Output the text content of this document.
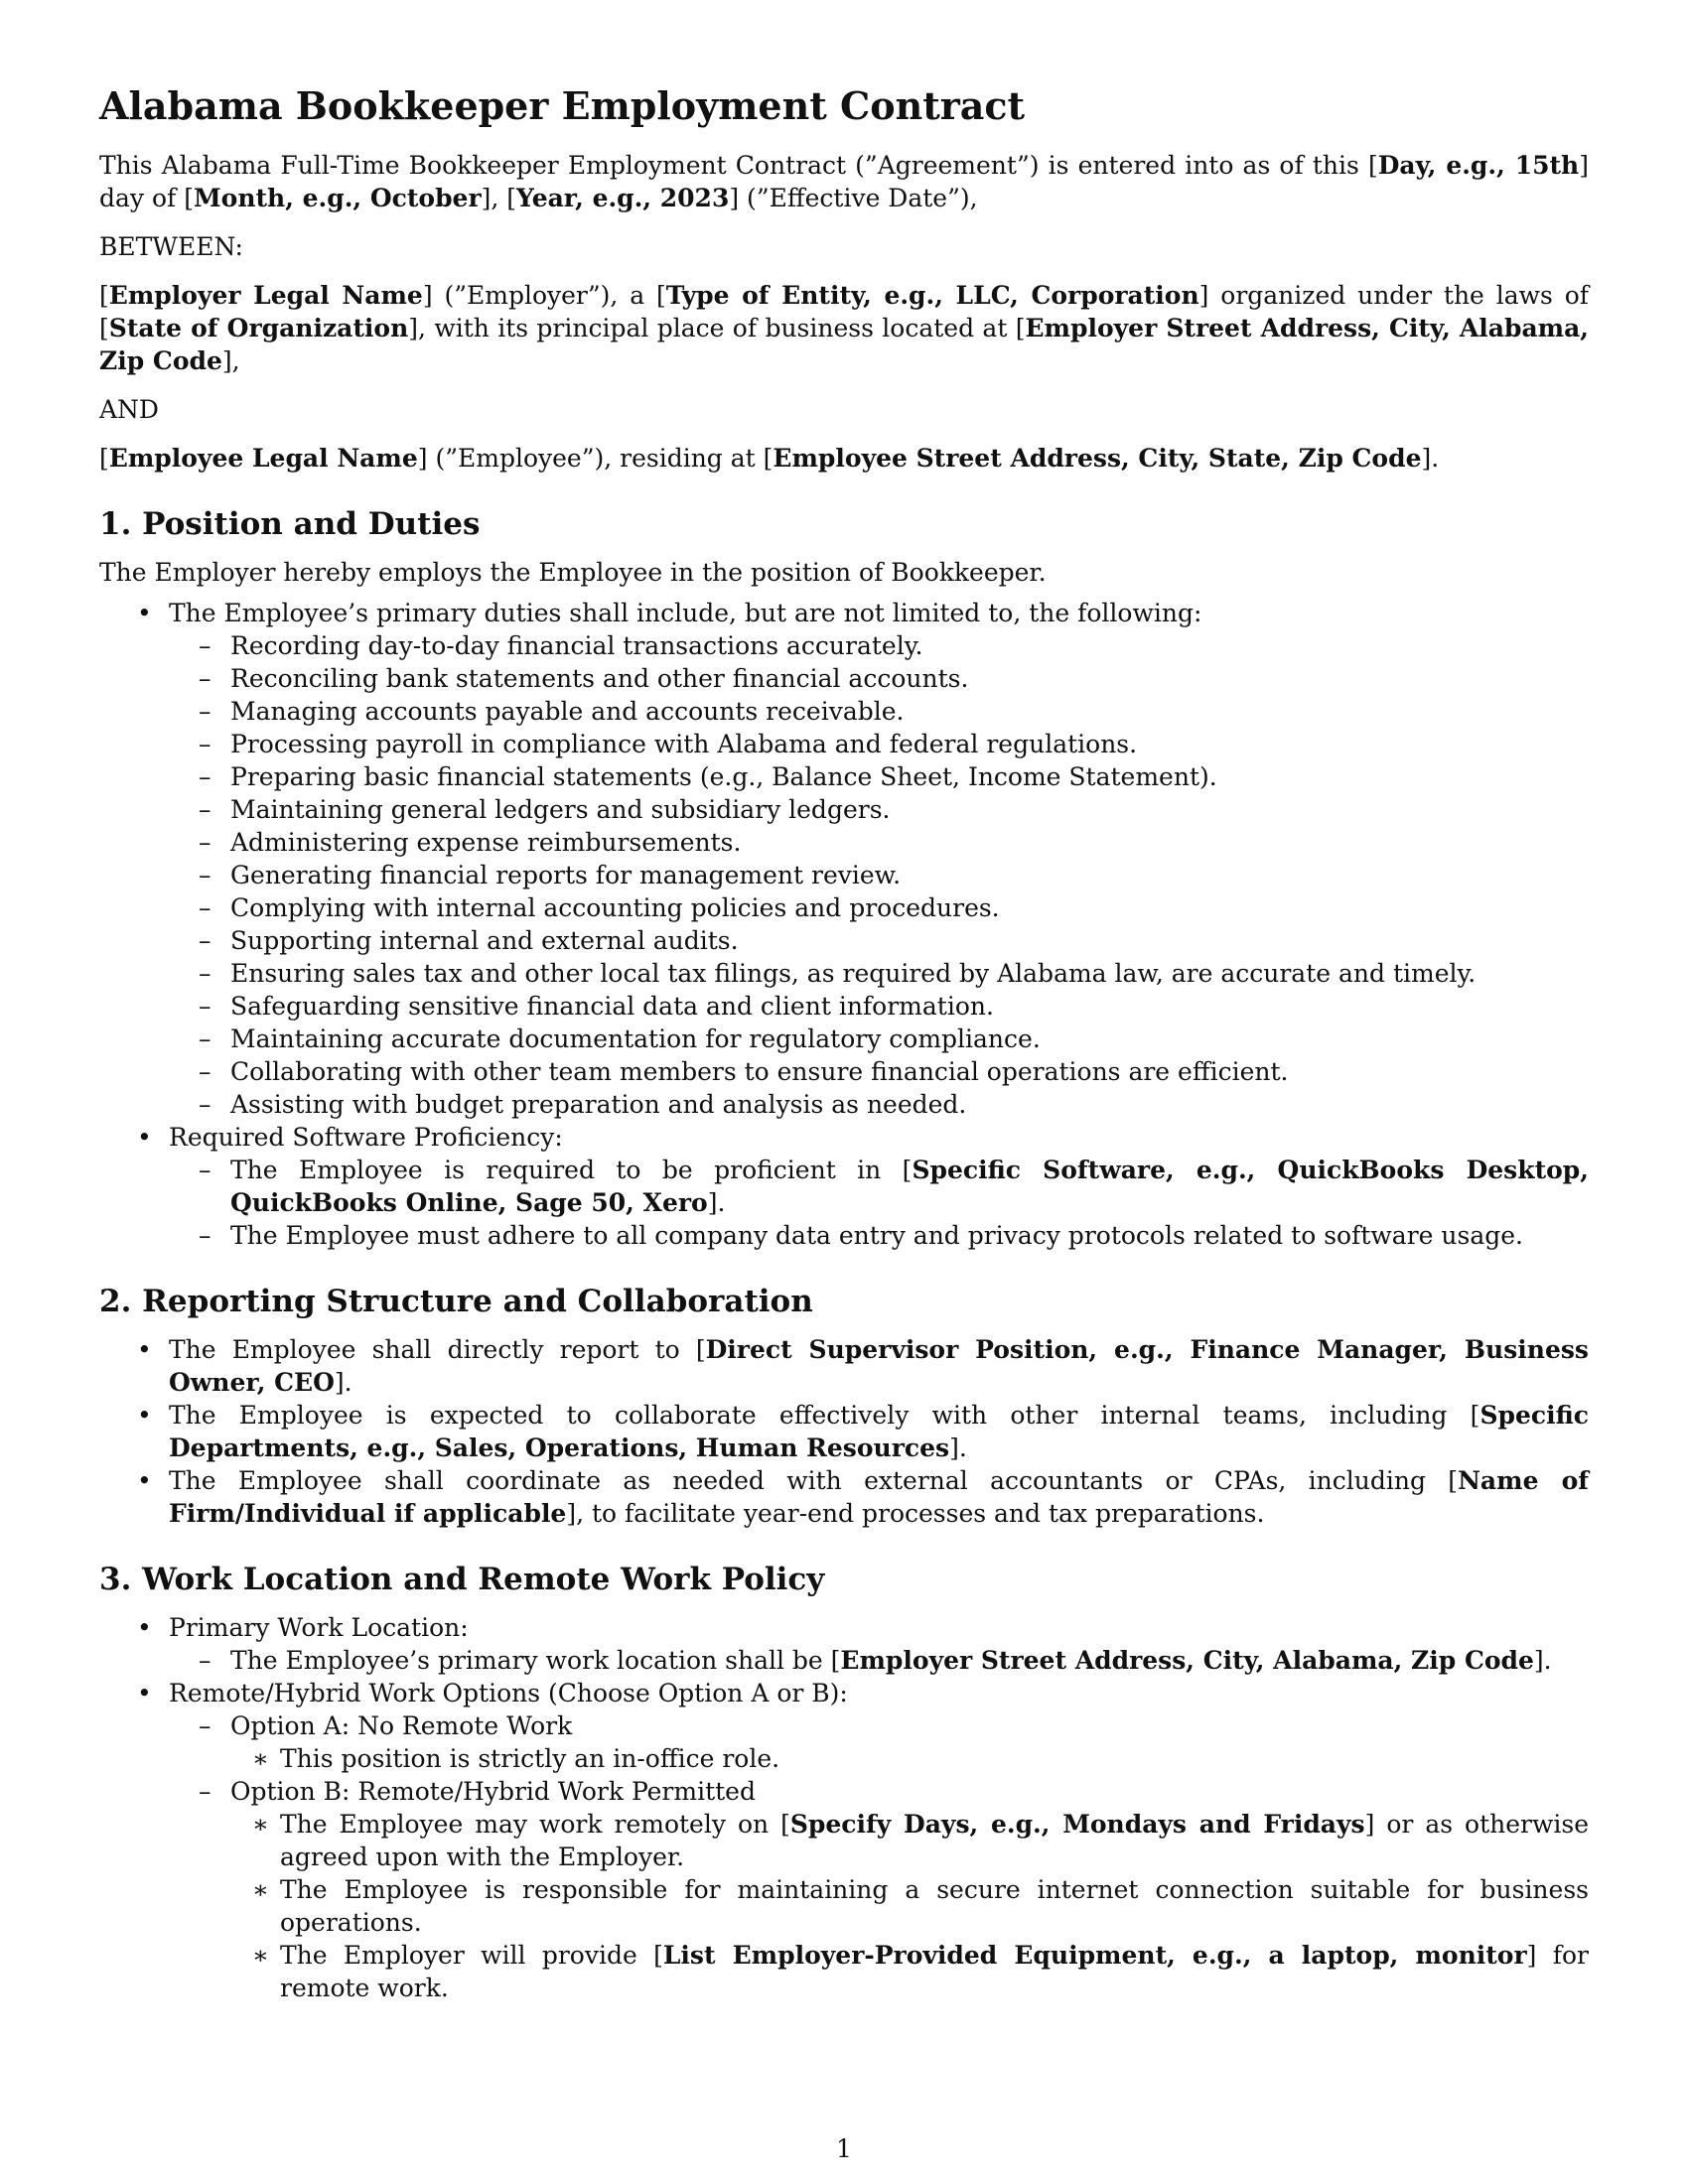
Alabama Bookkeeper Employment Contract

This Alabama Full-Time Bookkeeper Employment Contract (”Agreement”) is entered into as of this [Day, e.g., 15th] day of [Month, e.g., October], [Year, e.g., 2023] (”Effective Date”),

BETWEEN:

[Employer Legal Name] (”Employer”), a [Type of Entity, e.g., LLC, Corporation] organized under the laws of [State of Organization], with its principal place of business located at [Employer Street Address, City, Alabama, Zip Code],

AND

[Employee Legal Name] (”Employee”), residing at [Employee Street Address, City, State, Zip Code].

1. Position and Duties

The Employer hereby employs the Employee in the position of Bookkeeper.

• The Employee’s primary duties shall include, but are not limited to, the following:
– Recording day-to-day financial transactions accurately.
– Reconciling bank statements and other financial accounts.
– Managing accounts payable and accounts receivable.
– Processing payroll in compliance with Alabama and federal regulations.
– Preparing basic financial statements (e.g., Balance Sheet, Income Statement).
– Maintaining general ledgers and subsidiary ledgers.
– Administering expense reimbursements.
– Generating financial reports for management review.
– Complying with internal accounting policies and procedures.
– Supporting internal and external audits.
– Ensuring sales tax and other local tax filings, as required by Alabama law, are accurate and timely.
– Safeguarding sensitive financial data and client information.
– Maintaining accurate documentation for regulatory compliance.
– Collaborating with other team members to ensure financial operations are efficient.
– Assisting with budget preparation and analysis as needed.
• Required Software Proficiency:
– The Employee is required to be proficient in [Specific Software, e.g., QuickBooks Desktop, QuickBooks Online, Sage 50, Xero].
– The Employee must adhere to all company data entry and privacy protocols related to software usage.
2. Reporting Structure and Collaboration
• The Employee shall directly report to [Direct Supervisor Position, e.g., Finance Manager, Business Owner, CEO].
• The Employee is expected to collaborate effectively with other internal teams, including [Specific Departments, e.g., Sales, Operations, Human Resources].
• The Employee shall coordinate as needed with external accountants or CPAs, including [Name of Firm/Individual if applicable], to facilitate year-end processes and tax preparations.
3. Work Location and Remote Work Policy
• Primary Work Location:
– The Employee’s primary work location shall be [Employer Street Address, City, Alabama, Zip Code].
• Remote/Hybrid Work Options (Choose Option A or B):
– Option A: No Remote Work
∗ This position is strictly an in-office role.
– Option B: Remote/Hybrid Work Permitted
∗ The Employee may work remotely on [Specify Days, e.g., Mondays and Fridays] or as otherwise agreed upon with the Employer.
∗ The Employee is responsible for maintaining a secure internet connection suitable for business operations.
∗ The Employer will provide [List Employer-Provided Equipment, e.g., a laptop, monitor] for remote work.
1
